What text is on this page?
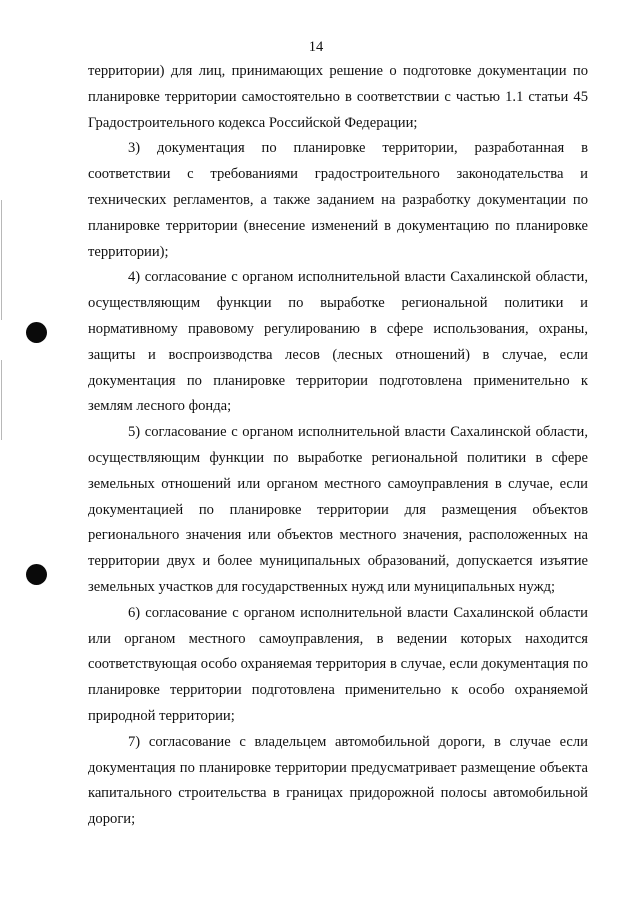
14

территории) для лиц, принимающих решение о подготовке документации по планировке территории самостоятельно в соответствии с частью 1.1 статьи 45 Градостроительного кодекса Российской Федерации;

3) документация по планировке территории, разработанная в соответствии с требованиями градостроительного законодательства и технических регламентов, а также заданием на разработку документации по планировке территории (внесение изменений в документацию по планировке территории);

4) согласование с органом исполнительной власти Сахалинской области, осуществляющим функции по выработке региональной политики и нормативному правовому регулированию в сфере использования, охраны, защиты и воспроизводства лесов (лесных отношений) в случае, если документация по планировке территории подготовлена применительно к землям лесного фонда;

5) согласование с органом исполнительной власти Сахалинской области, осуществляющим функции по выработке региональной политики в сфере земельных отношений или органом местного самоуправления в случае, если документацией по планировке территории для размещения объектов регионального значения или объектов местного значения, расположенных на территории двух и более муниципальных образований, допускается изъятие земельных участков для государственных нужд или муниципальных нужд;

6) согласование с органом исполнительной власти Сахалинской области или органом местного самоуправления, в ведении которых находится соответствующая особо охраняемая территория в случае, если документация по планировке территории подготовлена применительно к особо охраняемой природной территории;

7) согласование с владельцем автомобильной дороги, в случае если документация по планировке территории предусматривает размещение объекта капитального строительства в границах придорожной полосы автомобильной дороги;
